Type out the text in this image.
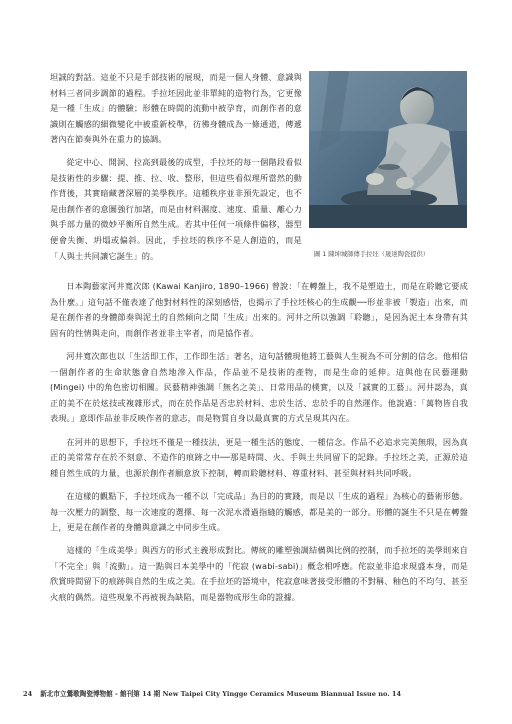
坦誠的對話。這並不只是手部技術的展現，而是一個人身體、意識與材料三者同步調節的過程。手拉坯因此並非單純的造物行為，它更像是一種「生成」的體驗；形體在時間的流動中被孕育，而創作者的意識則在觸感的細微變化中被重新校準，彷彿身體成為一條通道，傳遞著內在節奏與外在重力的協調。

從定中心、開洞、拉高到最後的成型，手拉坯的每一個階段看似是技術性的步驟：提、推、拉、收、整形，但這些看似理所當然的動作背後，其實暗藏著深層的美學秩序。這種秩序並非預先設定，也不是由創作者的意圖強行加諸，而是由材料濕度、速度、重量、離心力與手部力量的微妙平衡所自然生成。若其中任何一項條件偏移，器型便會失衡、坍塌或偏斜。因此，手拉坯的秩序不是人創造的，而是「人與土共同讓它誕生」的。	圖 1 陳坤城師傳手拉坯（晟達陶瓷提供）

日本陶藝家河井寬次郎 (Kawai Kanjiro, 1890–1966) 曾說：「在轉盤上，我不是塑造土，而是在聆聽它要成為什麼。」這句話不僅表達了他對材料性的深刻感悟，也揭示了手拉坯核心的生成觀──形並非被「製造」出來，而是在創作者的身體節奏與泥土的自然傾向之間「生成」出來的。河井之所以強調「聆聽」，是因為泥土本身帶有其固有的性情與走向，而創作者並非主宰者，而是協作者。

河井寬次郎也以「生活即工作，工作即生活」著名，這句話體現他將工藝與人生視為不可分割的信念。他相信一個創作者的生命狀態會自然地滲入作品，作品並不是技術的產物，而是生命的延伸。這與他在民藝運動 (Mingei) 中的角色密切相關。民藝精神強調「無名之美」、日常用品的樸實，以及「誠實的工藝」。河井認為，真正的美不在於炫技或複雜形式，而在於作品是否忠於材料、忠於生活、忠於手的自然運作。他說過：「萬物皆自我表現。」意即作品並非反映作者的意志，而是物質自身以最真實的方式呈現其內在。

在河井的思想下，手拉坯不僅是一種技法，更是一種生活的態度、一種信念。作品不必追求完美無瑕，因為真正的美常常存在於不刻意、不造作的痕跡之中──那是時間、火、手與土共同留下的記錄。手拉坯之美，正源於這種自然生成的力量，也源於創作者願意放下控制，轉而聆聽材料、尊重材料、甚至與材料共同呼吸。

在這樣的觀點下，手拉坯成為一種不以「完成品」為目的的實踐，而是以「生成的過程」為核心的藝術形態。每一次壓力的調整、每一次速度的選擇、每一次泥水滑過指縫的觸感，都是美的一部分。形體的誕生不只是在轉盤上，更是在創作者的身體與意識之中同步生成。

這樣的「生成美學」與西方的形式主義形成對比。傳統的雕塑強調結構與比例的控制，而手拉坯的美學則來自「不完全」與「流動」。這一點與日本美學中的「侘寂 (wabi-sabi)」概念相呼應。侘寂並非追求現盛本身，而是欣賞時間留下的痕跡與自然的生成之美。在手拉坯的語境中，侘寂意味著接受形體的不對稱、釉色的不均勻、甚至火痕的偶然。這些現象不再被視為缺陷，而是器物成形生命的證據。

24 新北市立鶯歌陶瓷博物館 - 館刊第 14 期 New Taipei City Yingge Ceramics Museum Biannual Issue no. 14
